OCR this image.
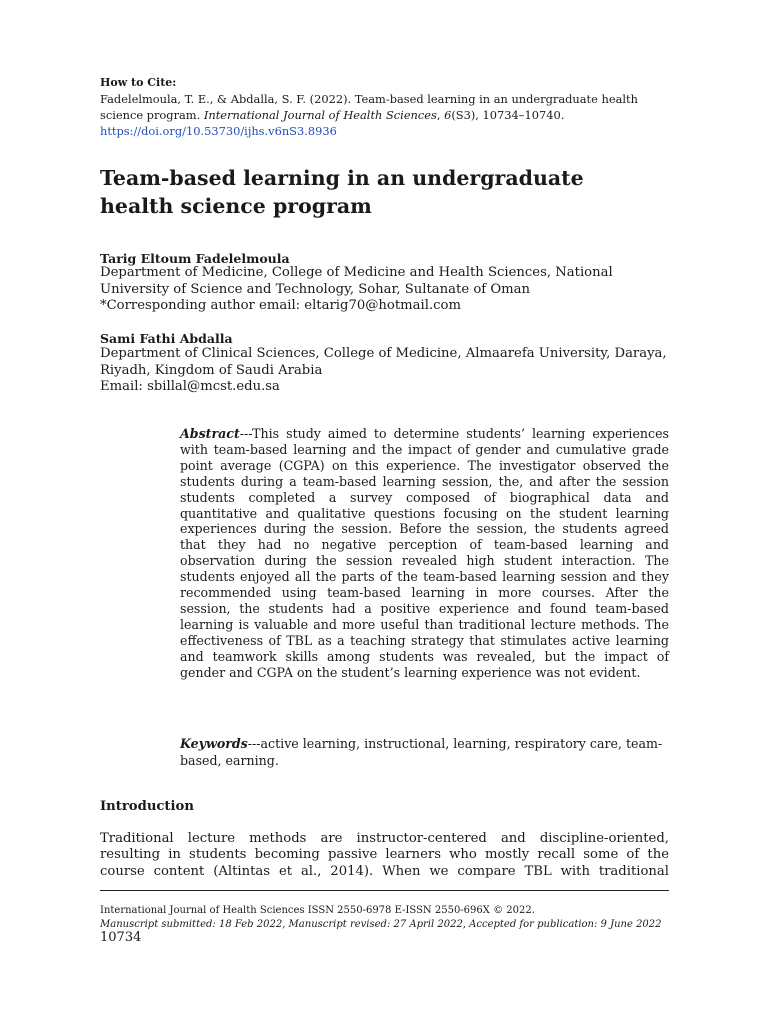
How to Cite:
Fadelelmoula, T. E., & Abdalla, S. F. (2022). Team-based learning in an undergraduate health science program. International Journal of Health Sciences, 6(S3), 10734–10740.
https://doi.org/10.53730/ijhs.v6nS3.8936
Team-based learning in an undergraduate health science program
Tarig Eltoum Fadelelmoula
Department of Medicine, College of Medicine and Health Sciences, National University of Science and Technology, Sohar, Sultanate of Oman
*Corresponding author email: eltarig70@hotmail.com
Sami Fathi Abdalla
Department of Clinical Sciences, College of Medicine, Almaarefa University, Daraya, Riyadh, Kingdom of Saudi Arabia
Email: sbillal@mcst.edu.sa
Abstract---This study aimed to determine students’ learning experiences with team-based learning and the impact of gender and cumulative grade point average (CGPA) on this experience. The investigator observed the students during a team-based learning session, the, and after the session students completed a survey composed of biographical data and quantitative and qualitative questions focusing on the student learning experiences during the session. Before the session, the students agreed that they had no negative perception of team-based learning and observation during the session revealed high student interaction. The students enjoyed all the parts of the team-based learning session and they recommended using team-based learning in more courses. After the session, the students had a positive experience and found team-based learning is valuable and more useful than traditional lecture methods. The effectiveness of TBL as a teaching strategy that stimulates active learning and teamwork skills among students was revealed, but the impact of gender and CGPA on the student’s learning experience was not evident.
Keywords---active learning, instructional, learning, respiratory care, team-based, earning.
Introduction
Traditional lecture methods are instructor-centered and discipline-oriented, resulting in students becoming passive learners who mostly recall some of the course content (Altintas et al., 2014). When we compare TBL with traditional
International Journal of Health Sciences ISSN 2550-6978 E-ISSN 2550-696X © 2022.
Manuscript submitted: 18 Feb 2022, Manuscript revised: 27 April 2022, Accepted for publication: 9 June 2022
10734
